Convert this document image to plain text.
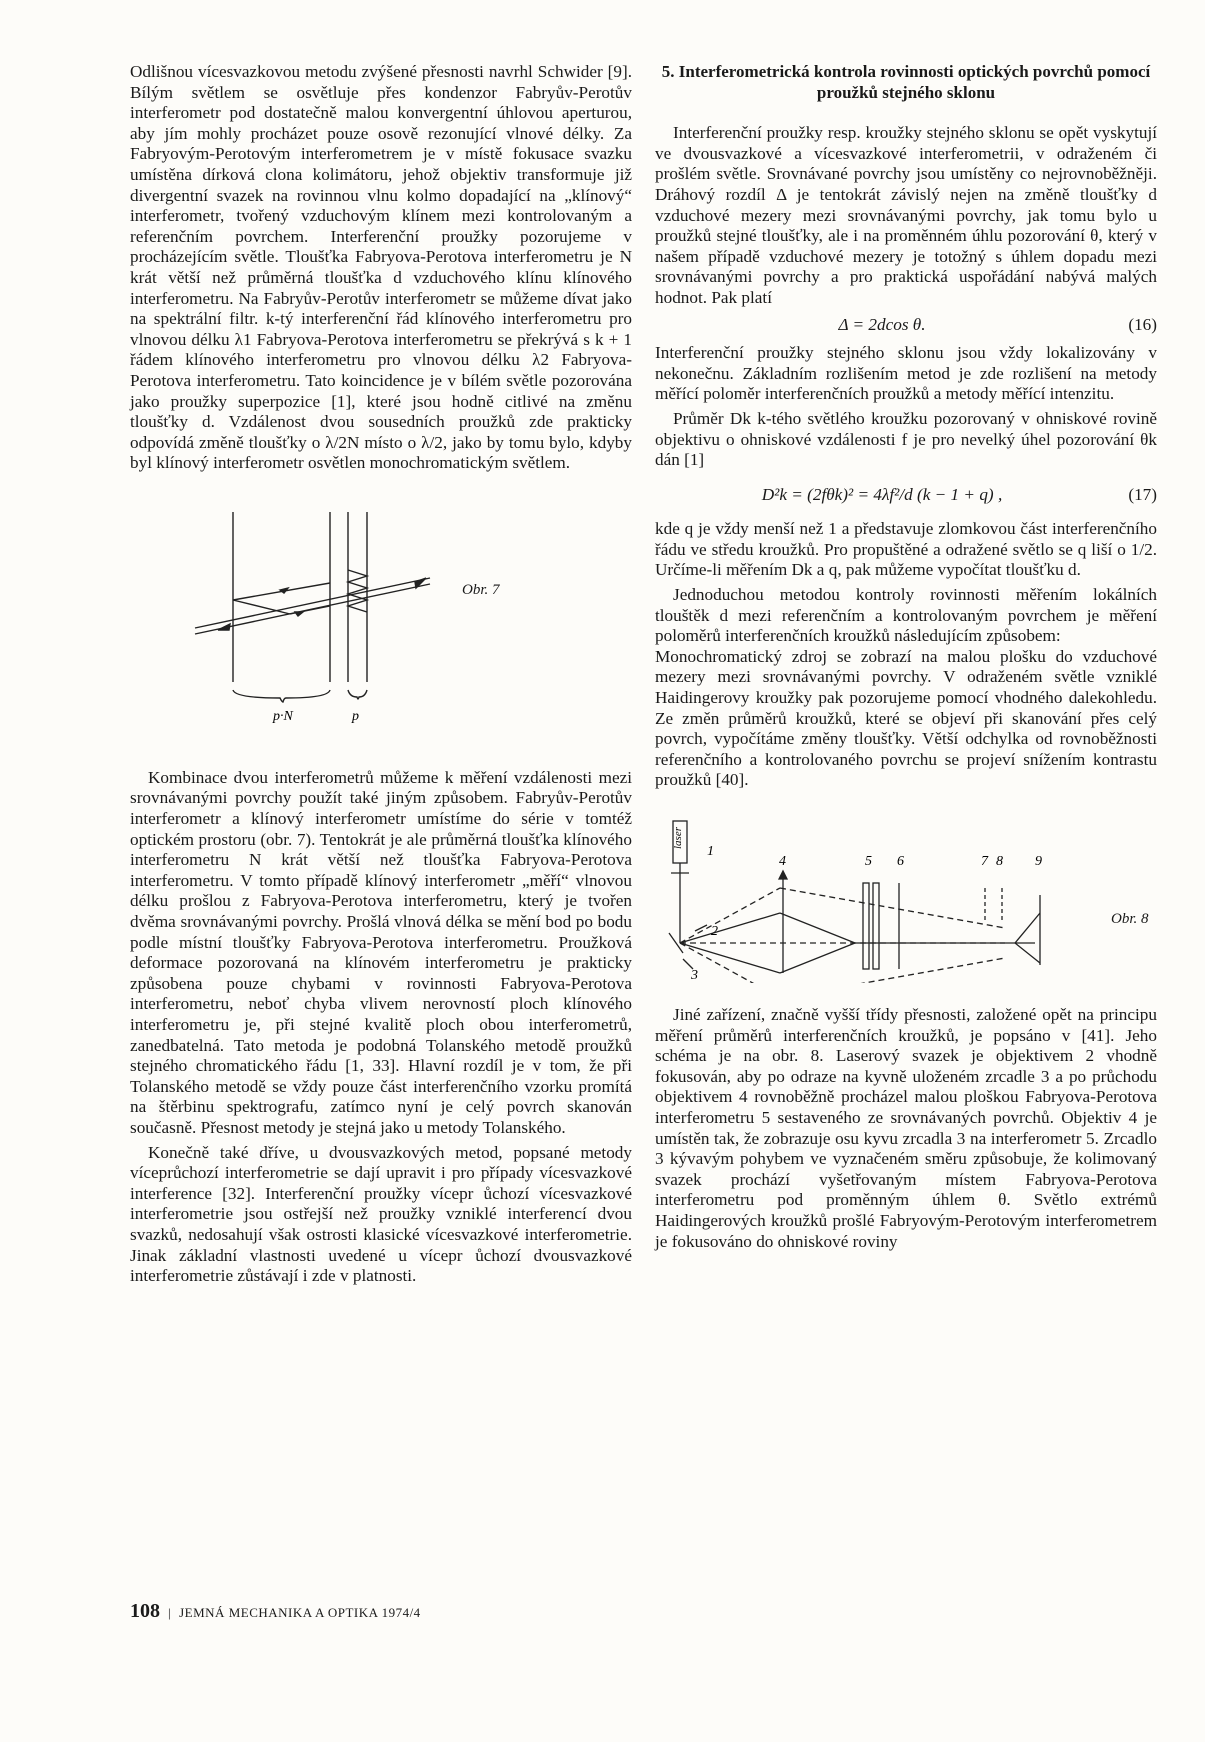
Odlišnou vícesvazkovou metodu zvýšené přesnosti navrhl Schwider [9]. Bílým světlem se osvětluje přes kondenzor Fabryův-Perotův interferometr pod dostatečně malou konvergentní úhlovou aperturou, aby jím mohly procházet pouze osově rezonující vlnové délky. Za Fabryovým-Perotovým interferometrem je v místě fokusace svazku umístěna dírková clona kolimátoru, jehož objektiv transformuje již divergentní svazek na rovinnou vlnu kolmo dopadající na „klínový“ interferometr, tvořený vzduchovým klínem mezi kontrolovaným a referenčním povrchem. Interferenční proužky pozorujeme v procházejícím světle. Tloušťka Fabryova-Perotova interferometru je N krát větší než průměrná tloušťka d vzduchového klínu klínového interferometru. Na Fabryův-Perotův interferometr se můžeme dívat jako na spektrální filtr. k-tý interferenční řád klínového interferometru pro vlnovou délku λ1 Fabryova-Perotova interferometru se překrývá s k + 1 řádem klínového interferometru pro vlnovou délku λ2 Fabryova-Perotova interferometru. Tato koincidence je v bílém světle pozorována jako proužky superpozice [1], které jsou hodně citlivé na změnu tloušťky d. Vzdálenost dvou sousedních proužků zde prakticky odpovídá změně tloušťky o λ/2N místo o λ/2, jako by tomu bylo, kdyby byl klínový interferometr osvětlen monochromatickým světlem.

p·N	p
Obr. 7

Kombinace dvou interferometrů můžeme k měření vzdálenosti mezi srovnávanými povrchy použít také jiným způsobem. Fabryův-Perotův interferometr a klínový interferometr umístíme do série v tomtéž optickém prostoru (obr. 7). Tentokrát je ale průměrná tloušťka klínového interferometru N krát větší než tloušťka Fabryova-Perotova interferometru. V tomto případě klínový interferometr „měří“ vlnovou délku prošlou z Fabryova-Perotova interferometru, který je tvořen dvěma srovnávanými povrchy. Prošlá vlnová délka se mění bod po bodu podle místní tloušťky Fabryova-Perotova interferometru. Proužková deformace pozorovaná na klínovém interferometru je prakticky způsobena pouze chybami v rovinnosti Fabryova-Perotova interferometru, neboť chyba vlivem nerovností ploch klínového interferometru je, při stejné kvalitě ploch obou interferometrů, zanedbatelná. Tato metoda je podobná Tolanského metodě proužků stejného chromatického řádu [1, 33]. Hlavní rozdíl je v tom, že při Tolanského metodě se vždy pouze část interferenčního vzorku promítá na štěrbinu spektrografu, zatímco nyní je celý povrch skanován současně. Přesnost metody je stejná jako u metody Tolanského.

Konečně také dříve, u dvousvazkových metod, popsané metody víceprůchozí interferometrie se dají upravit i pro případy vícesvazkové interference [32]. Interferenční proužky vícepr ůchozí vícesvazkové interferometrie jsou ostřejší než proužky vzniklé interferencí dvou svazků, nedosahují však ostrosti klasické vícesvazkové interferometrie. Jinak základní vlastnosti uvedené u vícepr ůchozí dvousvazkové interferometrie zůstávají i zde v platnosti.

5. Interferometrická kontrola rovinnosti optických povrchů pomocí proužků stejného sklonu

Interferenční proužky resp. kroužky stejného sklonu se opět vyskytují ve dvousvazkové a vícesvazkové interferometrii, v odraženém či prošlém světle. Srovnávané povrchy jsou umístěny co nejrovnoběžněji. Dráhový rozdíl Δ je tentokrát závislý nejen na změně tloušťky d vzduchové mezery mezi srovnávanými povrchy, jak tomu bylo u proužků stejné tloušťky, ale i na proměnném úhlu pozorování θ, který v našem případě vzduchové mezery je totožný s úhlem dopadu mezi srovnávanými povrchy a pro praktická uspořádání nabývá malých hodnot. Pak platí

Δ = 2dcos θ.	(16)

Interferenční proužky stejného sklonu jsou vždy lokalizovány v nekonečnu. Základním rozlišením metod je zde rozlišení na metody měřící poloměr interferenčních proužků a metody měřící intenzitu.

Průměr Dk k-tého světlého kroužku pozorovaný v ohniskové rovině objektivu o ohniskové vzdálenosti f je pro nevelký úhel pozorování θk dán [1]

D²k = (2fθk)² = 4λf²/d (k − 1 + q) ,	(17)

kde q je vždy menší než 1 a představuje zlomkovou část interferenčního řádu ve středu kroužků. Pro propuštěné a odražené světlo se q liší o 1/2. Určíme-li měřením Dk a q, pak můžeme vypočítat tloušťku d.

Jednoduchou metodou kontroly rovinnosti měřením lokálních tlouštěk d mezi referenčním a kontrolovaným povrchem je měření poloměrů interferenčních kroužků následujícím způsobem:

Monochromatický zdroj se zobrazí na malou plošku do vzduchové mezery mezi srovnávanými povrchy. V odraženém světle vzniklé Haidingerovy kroužky pak pozorujeme pomocí vhodného dalekohledu. Ze změn průměrů kroužků, které se objeví při skanování přes celý povrch, vypočítáme změny tloušťky. Větší odchylka od rovnoběžnosti referenčního a kontrolovaného povrchu se projeví snížením kontrastu proužků [40].

laser
1
2
3
4	5 6	7 8 9
Obr. 8

Jiné zařízení, značně vyšší třídy přesnosti, založené opět na principu měření průměrů interferenčních kroužků, je popsáno v [41]. Jeho schéma je na obr. 8. Laserový svazek je objektivem 2 vhodně fokusován, aby po odraze na kyvně uloženém zrcadle 3 a po průchodu objektivem 4 rovnoběžně procházel malou ploškou Fabryova-Perotova interferometru 5 sestaveného ze srovnávaných povrchů. Objektiv 4 je umístěn tak, že zobrazuje osu kyvu zrcadla 3 na interferometr 5. Zrcadlo 3 kývavým pohybem ve vyznačeném směru způsobuje, že kolimovaný svazek prochází vyšetřovaným místem Fabryova-Perotova interferometru pod proměnným úhlem θ. Světlo extrémů Haidingerových kroužků prošlé Fabryovým-Perotovým interferometrem je fokusováno do ohniskové roviny

108 | JEMNÁ MECHANIKA A OPTIKA 1974/4
